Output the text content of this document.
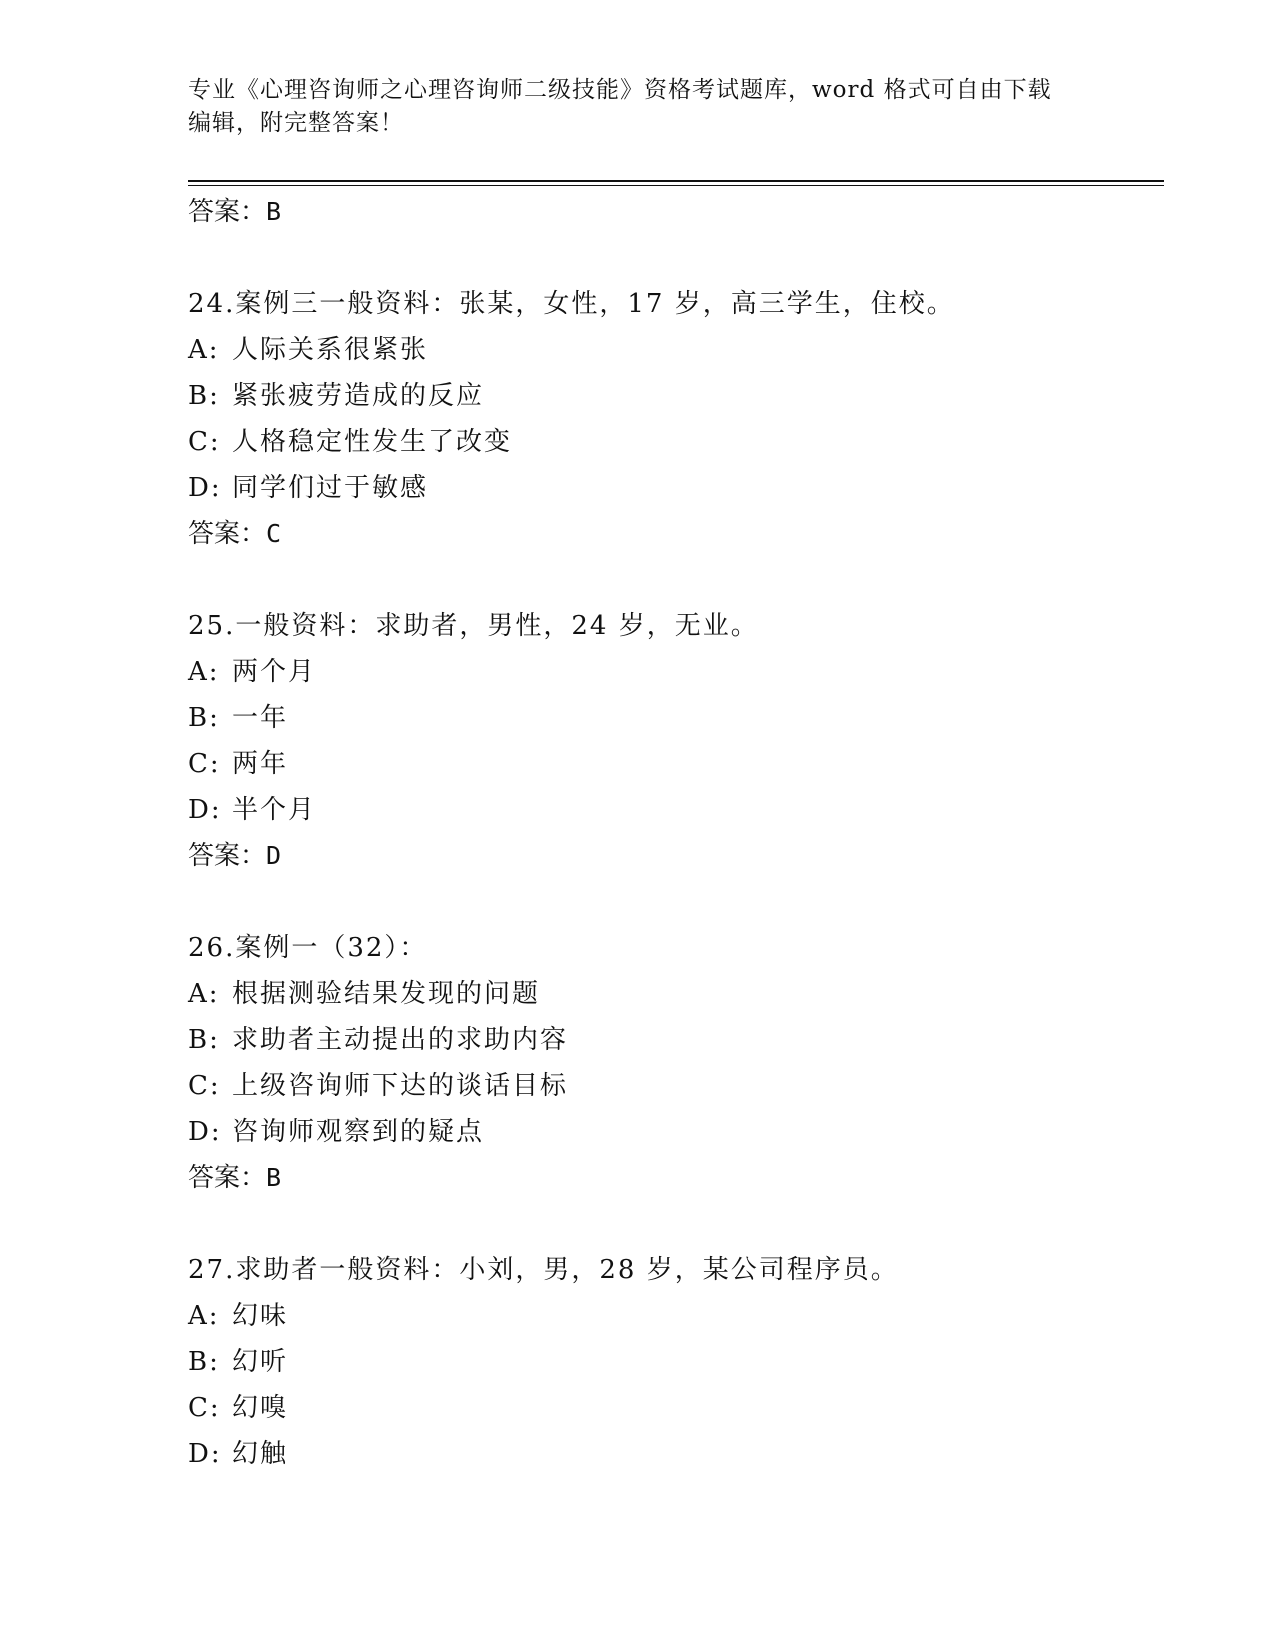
专业《心理咨询师之心理咨询师二级技能》资格考试题库，word 格式可自由下载
编辑，附完整答案！
答案：B
24.案例三一般资料：张某，女性，17 岁，高三学生，住校。
A: 人际关系很紧张
B: 紧张疲劳造成的反应
C: 人格稳定性发生了改变
D: 同学们过于敏感
答案：C
25.一般资料：求助者，男性，24 岁，无业。
A: 两个月
B: 一年
C: 两年
D: 半个月
答案：D
26.案例一（32）：
A: 根据测验结果发现的问题
B: 求助者主动提出的求助内容
C: 上级咨询师下达的谈话目标
D: 咨询师观察到的疑点
答案：B
27.求助者一般资料：小刘，男，28 岁，某公司程序员。
A: 幻味
B: 幻听
C: 幻嗅
D: 幻触
